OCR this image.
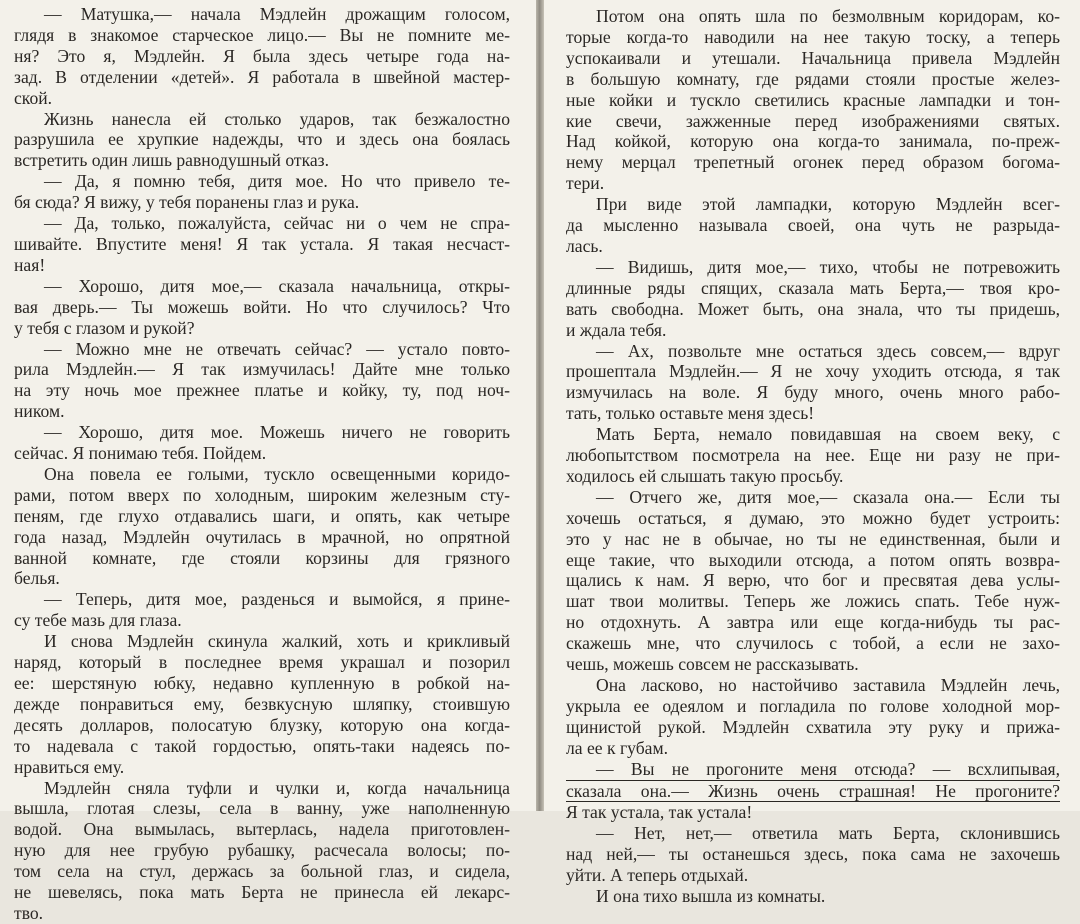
— Матушка,— начала Мэдлейн дрожащим голосом,
глядя в знакомое старческое лицо.— Вы не помните ме-
ня? Это я, Мэдлейн. Я была здесь четыре года на-
зад. В отделении «детей». Я работала в швейной мастер-
ской.

Жизнь нанесла ей столько ударов, так безжалостно
разрушила ее хрупкие надежды, что и здесь она боялась
встретить один лишь равнодушный отказ.

— Да, я помню тебя, дитя мое. Но что привело те-
бя сюда? Я вижу, у тебя поранены глаз и рука.

— Да, только, пожалуйста, сейчас ни о чем не спра-
шивайте. Впустите меня! Я так устала. Я такая несчаст-
ная!

— Хорошо, дитя мое,— сказала начальница, откры-
вая дверь.— Ты можешь войти. Но что случилось? Что
у тебя с глазом и рукой?

— Можно мне не отвечать сейчас? — устало повто-
рила Мэдлейн.— Я так измучилась! Дайте мне только
на эту ночь мое прежнее платье и койку, ту, под ноч-
ником.

— Хорошо, дитя мое. Можешь ничего не говорить
сейчас. Я понимаю тебя. Пойдем.

Она повела ее голыми, тускло освещенными коридо-
рами, потом вверх по холодным, широким железным сту-
пеням, где глухо отдавались шаги, и опять, как четыре
года назад, Мэдлейн очутилась в мрачной, но опрятной
ванной комнате, где стояли корзины для грязного
белья.

— Теперь, дитя мое, разденься и вымойся, я прине-
су тебе мазь для глаза.

И снова Мэдлейн скинула жалкий, хоть и крикливый
наряд, который в последнее время украшал и позорил
ее: шерстяную юбку, недавно купленную в робкой на-
дежде понравиться ему, безвкусную шляпку, стоившую
десять долларов, полосатую блузку, которую она когда-
то надевала с такой гордостью, опять-таки надеясь по-
нравиться ему.

Мэдлейн сняла туфли и чулки и, когда начальница
вышла, глотая слезы, села в ванну, уже наполненную
водой. Она вымылась, вытерлась, надела приготовлен-
ную для нее грубую рубашку, расчесала волосы; по-
том села на стул, держась за больной глаз, и сидела,
не шевелясь, пока мать Берта не принесла ей лекарс-
тво.

Потом она опять шла по безмолвным коридорам, ко-
торые когда-то наводили на нее такую тоску, а теперь
успокаивали и утешали. Начальница привела Мэдлейн
в большую комнату, где рядами стояли простые желез-
ные койки и тускло светились красные лампадки и тон-
кие свечи, зажженные перед изображениями святых.
Над койкой, которую она когда-то занимала, по-преж-
нему мерцал трепетный огонек перед образом богома-
тери.

При виде этой лампадки, которую Мэдлейн всег-
да мысленно называла своей, она чуть не разрыда-
лась.

— Видишь, дитя мое,— тихо, чтобы не потревожить
длинные ряды спящих, сказала мать Берта,— твоя кро-
вать свободна. Может быть, она знала, что ты придешь,
и ждала тебя.

— Ах, позвольте мне остаться здесь совсем,— вдруг
прошептала Мэдлейн.— Я не хочу уходить отсюда, я так
измучилась на воле. Я буду много, очень много рабо-
тать, только оставьте меня здесь!

Мать Берта, немало повидавшая на своем веку, с
любопытством посмотрела на нее. Еще ни разу не при-
ходилось ей слышать такую просьбу.

— Отчего же, дитя мое,— сказала она.— Если ты
хочешь остаться, я думаю, это можно будет устроить:
это у нас не в обычае, но ты не единственная, были и
еще такие, что выходили отсюда, а потом опять возвра-
щались к нам. Я верю, что бог и пресвятая дева услы-
шат твои молитвы. Теперь же ложись спать. Тебе нуж-
но отдохнуть. А завтра или еще когда-нибудь ты рас-
скажешь мне, что случилось с тобой, а если не захо-
чешь, можешь совсем не рассказывать.

Она ласково, но настойчиво заставила Мэдлейн лечь,
укрыла ее одеялом и погладила по голове холодной мор-
щинистой рукой. Мэдлейн схватила эту руку и прижа-
ла ее к губам.

— Вы не прогоните меня отсюда? — всхлипывая,
сказала она.— Жизнь очень страшная! Не прогоните?
Я так устала, так устала!

— Нет, нет,— ответила мать Берта, склонившись
над ней,— ты останешься здесь, пока сама не захочешь
уйти. А теперь отдыхай.

И она тихо вышла из комнаты.
